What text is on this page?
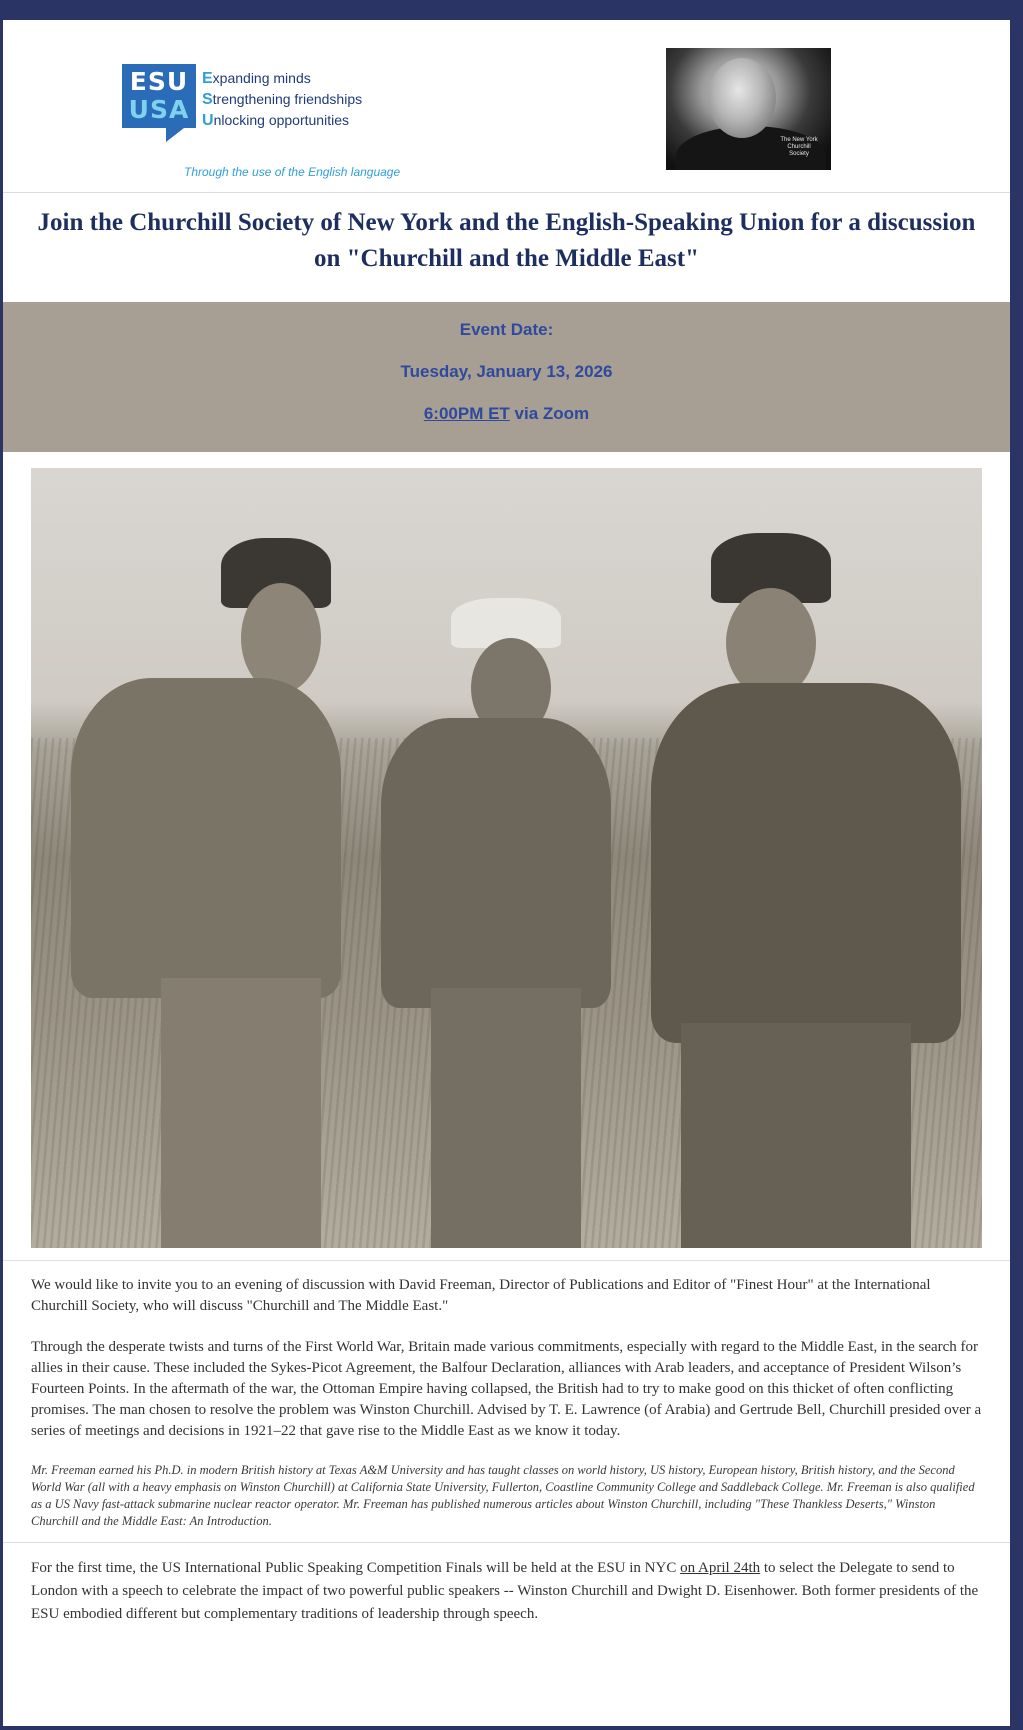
ESU
USA
Expanding minds
Strengthening friendships
Unlocking opportunities
Through the use of the English language
The New York Churchill Society
Join the Churchill Society of New York and the English-Speaking Union for a discussion on "Churchill and the Middle East"
Event Date:
Tuesday, January 13, 2026
6:00PM ET via Zoom
We would like to invite you to an evening of discussion with David Freeman, Director of Publications and Editor of "Finest Hour" at the International Churchill Society, who will discuss "Churchill and The Middle East."
Through the desperate twists and turns of the First World War, Britain made various commitments, especially with regard to the Middle East, in the search for allies in their cause. These included the Sykes-Picot Agreement, the Balfour Declaration, alliances with Arab leaders, and acceptance of President Wilson’s Fourteen Points. In the aftermath of the war, the Ottoman Empire having collapsed, the British had to try to make good on this thicket of often conflicting promises. The man chosen to resolve the problem was Winston Churchill. Advised by T. E. Lawrence (of Arabia) and Gertrude Bell, Churchill presided over a series of meetings and decisions in 1921–22 that gave rise to the Middle East as we know it today.
Mr. Freeman earned his Ph.D. in modern British history at Texas A&M University and has taught classes on world history, US history, European history, British history, and the Second World War (all with a heavy emphasis on Winston Churchill) at California State University, Fullerton, Coastline Community College and Saddleback College. Mr. Freeman is also qualified as a US Navy fast-attack submarine nuclear reactor operator. Mr. Freeman has published numerous articles about Winston Churchill, including "These Thankless Deserts," Winston Churchill and the Middle East: An Introduction.
For the first time, the US International Public Speaking Competition Finals will be held at the ESU in NYC on April 24th to select the Delegate to send to London with a speech to celebrate the impact of two powerful public speakers -- Winston Churchill and Dwight D. Eisenhower. Both former presidents of the ESU embodied different but complementary traditions of leadership through speech.
